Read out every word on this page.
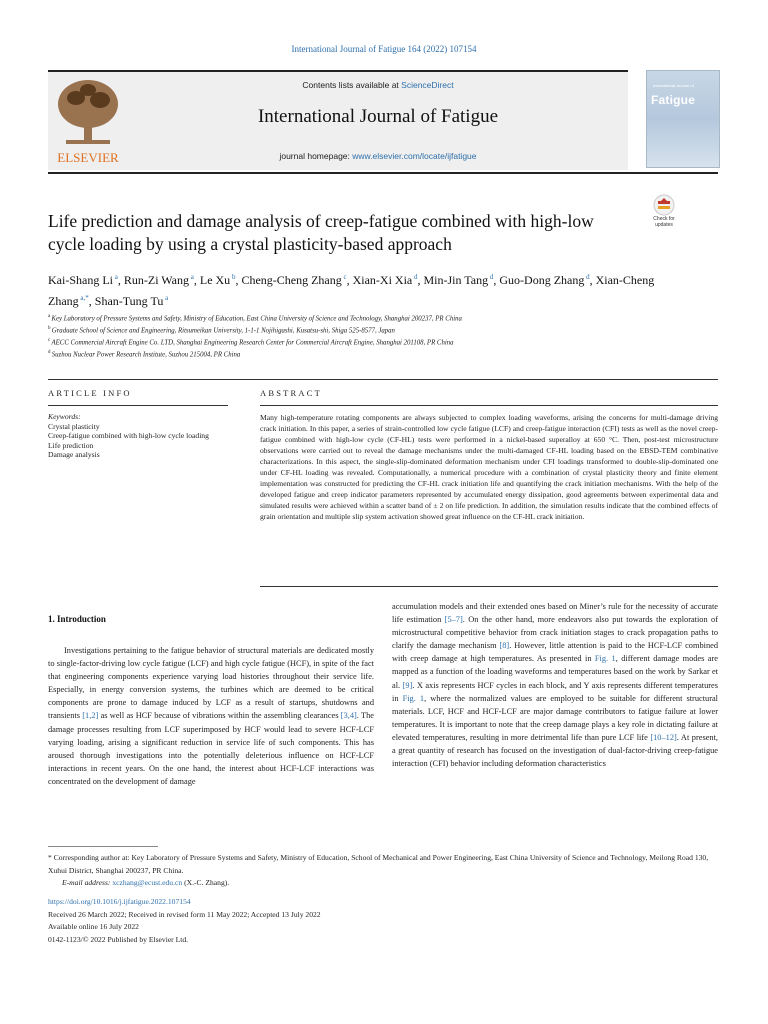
International Journal of Fatigue 164 (2022) 107154
ELSEVIER
Contents lists available at ScienceDirect
International Journal of Fatigue
journal homepage: www.elsevier.com/locate/ijfatigue
International Journal of
Fatigue
Check for updates
Life prediction and damage analysis of creep-fatigue combined with high-low cycle loading by using a crystal plasticity-based approach
Kai-Shang Li $^a$, Run-Zi Wang $^a$, Le Xu $^b$, Cheng-Cheng Zhang $^c$, Xian-Xi Xia $^d$, Min-Jin Tang $^d$, Guo-Dong Zhang $^d$, Xian-Cheng Zhang $^{a,*}$, Shan-Tung Tu $^a$
$^a$ Key Laboratory of Pressure Systems and Safety, Ministry of Education, East China University of Science and Technology, Shanghai 200237, PR China
$^b$ Graduate School of Science and Engineering, Ritsumeikan University, 1-1-1 Nojihigashi, Kusatsu-shi, Shiga 525-8577, Japan
$^c$ AECC Commercial Aircraft Engine Co. LTD, Shanghai Engineering Research Center for Commercial Aircraft Engine, Shanghai 201108, PR China
$^d$ Suzhou Nuclear Power Research Institute, Suzhou 215004, PR China
ARTICLE INFO	ABSTRACT
Keywords:
Crystal plasticity
Creep-fatigue combined with high-low cycle loading
Life prediction
Damage analysis
Many high-temperature rotating components are always subjected to complex loading waveforms, arising the concerns for multi-damage driving crack initiation. In this paper, a series of strain-controlled low cycle fatigue (LCF) and creep-fatigue interaction (CFI) tests as well as the novel creep-fatigue combined with high-low cycle (CF-HL) tests were performed in a nickel-based superalloy at 650 °C. Then, post-test microstructure observations were carried out to reveal the damage mechanisms under the multi-damaged CF-HL loading based on the EBSD-TEM combinative characterizations. In this aspect, the single-slip-dominated deformation mechanism under CFI loadings transformed to double-slip-dominated one under CF-HL loading was revealed. Computationally, a numerical procedure with a combination of crystal plasticity theory and finite element implementation was constructed for predicting the CF-HL crack initiation life and quantifying the crack initiation mechanisms. With the help of the developed fatigue and creep indicator parameters represented by accumulated energy dissipation, good agreements between experimental data and simulated results were achieved within a scatter band of ± 2 on life prediction. In addition, the simulation results indicate that the combined effects of grain orientation and multiple slip system activation showed great influence on the CF-HL crack initiation.
1. Introduction
Investigations pertaining to the fatigue behavior of structural materials are dedicated mostly to single-factor-driving low cycle fatigue (LCF) and high cycle fatigue (HCF), in spite of the fact that engineering components experience varying load histories throughout their service life. Especially, in energy conversion systems, the turbines which are deemed to be critical components are prone to damage induced by LCF as a result of startups, shutdowns and transients [1,2] as well as HCF because of vibrations within the assembling clearances [3,4]. The damage processes resulting from LCF superimposed by HCF would lead to severe HCF-LCF varying loading, arising a significant reduction in service life of such components. This has aroused thorough investigations into the potentially deleterious influence on HCF-LCF interactions in recent years. On the one hand, the interest about HCF-LCF interactions was concentrated on the development of damage
accumulation models and their extended ones based on Miner’s rule for the necessity of accurate life estimation [5–7]. On the other hand, more endeavors also put towards the exploration of microstructural competitive behavior from crack initiation stages to crack propagation paths to clarify the damage mechanism [8]. However, little attention is paid to the HCF-LCF combined with creep damage at high temperatures. As presented in Fig. 1, different damage modes are mapped as a function of the loading waveforms and temperatures based on the work by Sarkar et al. [9]. X axis represents HCF cycles in each block, and Y axis represents different temperatures in Fig. 1, where the normalized values are employed to be suitable for different structural materials. LCF, HCF and HCF-LCF are major damage contributors to fatigue failure at lower temperatures. It is important to note that the creep damage plays a key role in dictating failure at elevated temperatures, resulting in more detrimental life than pure LCF life [10–12]. At present, a great quantity of research has focused on the investigation of dual-factor-driving creep-fatigue interaction (CFI) behavior including deformation characteristics
* Corresponding author at: Key Laboratory of Pressure Systems and Safety, Ministry of Education, School of Mechanical and Power Engineering, East China University of Science and Technology, Meilong Road 130, Xuhui District, Shanghai 200237, PR China.
E-mail address: xczhang@ecust.edu.cn (X.-C. Zhang).
https://doi.org/10.1016/j.ijfatigue.2022.107154
Received 26 March 2022; Received in revised form 11 May 2022; Accepted 13 July 2022
Available online 16 July 2022
0142-1123/© 2022 Published by Elsevier Ltd.
